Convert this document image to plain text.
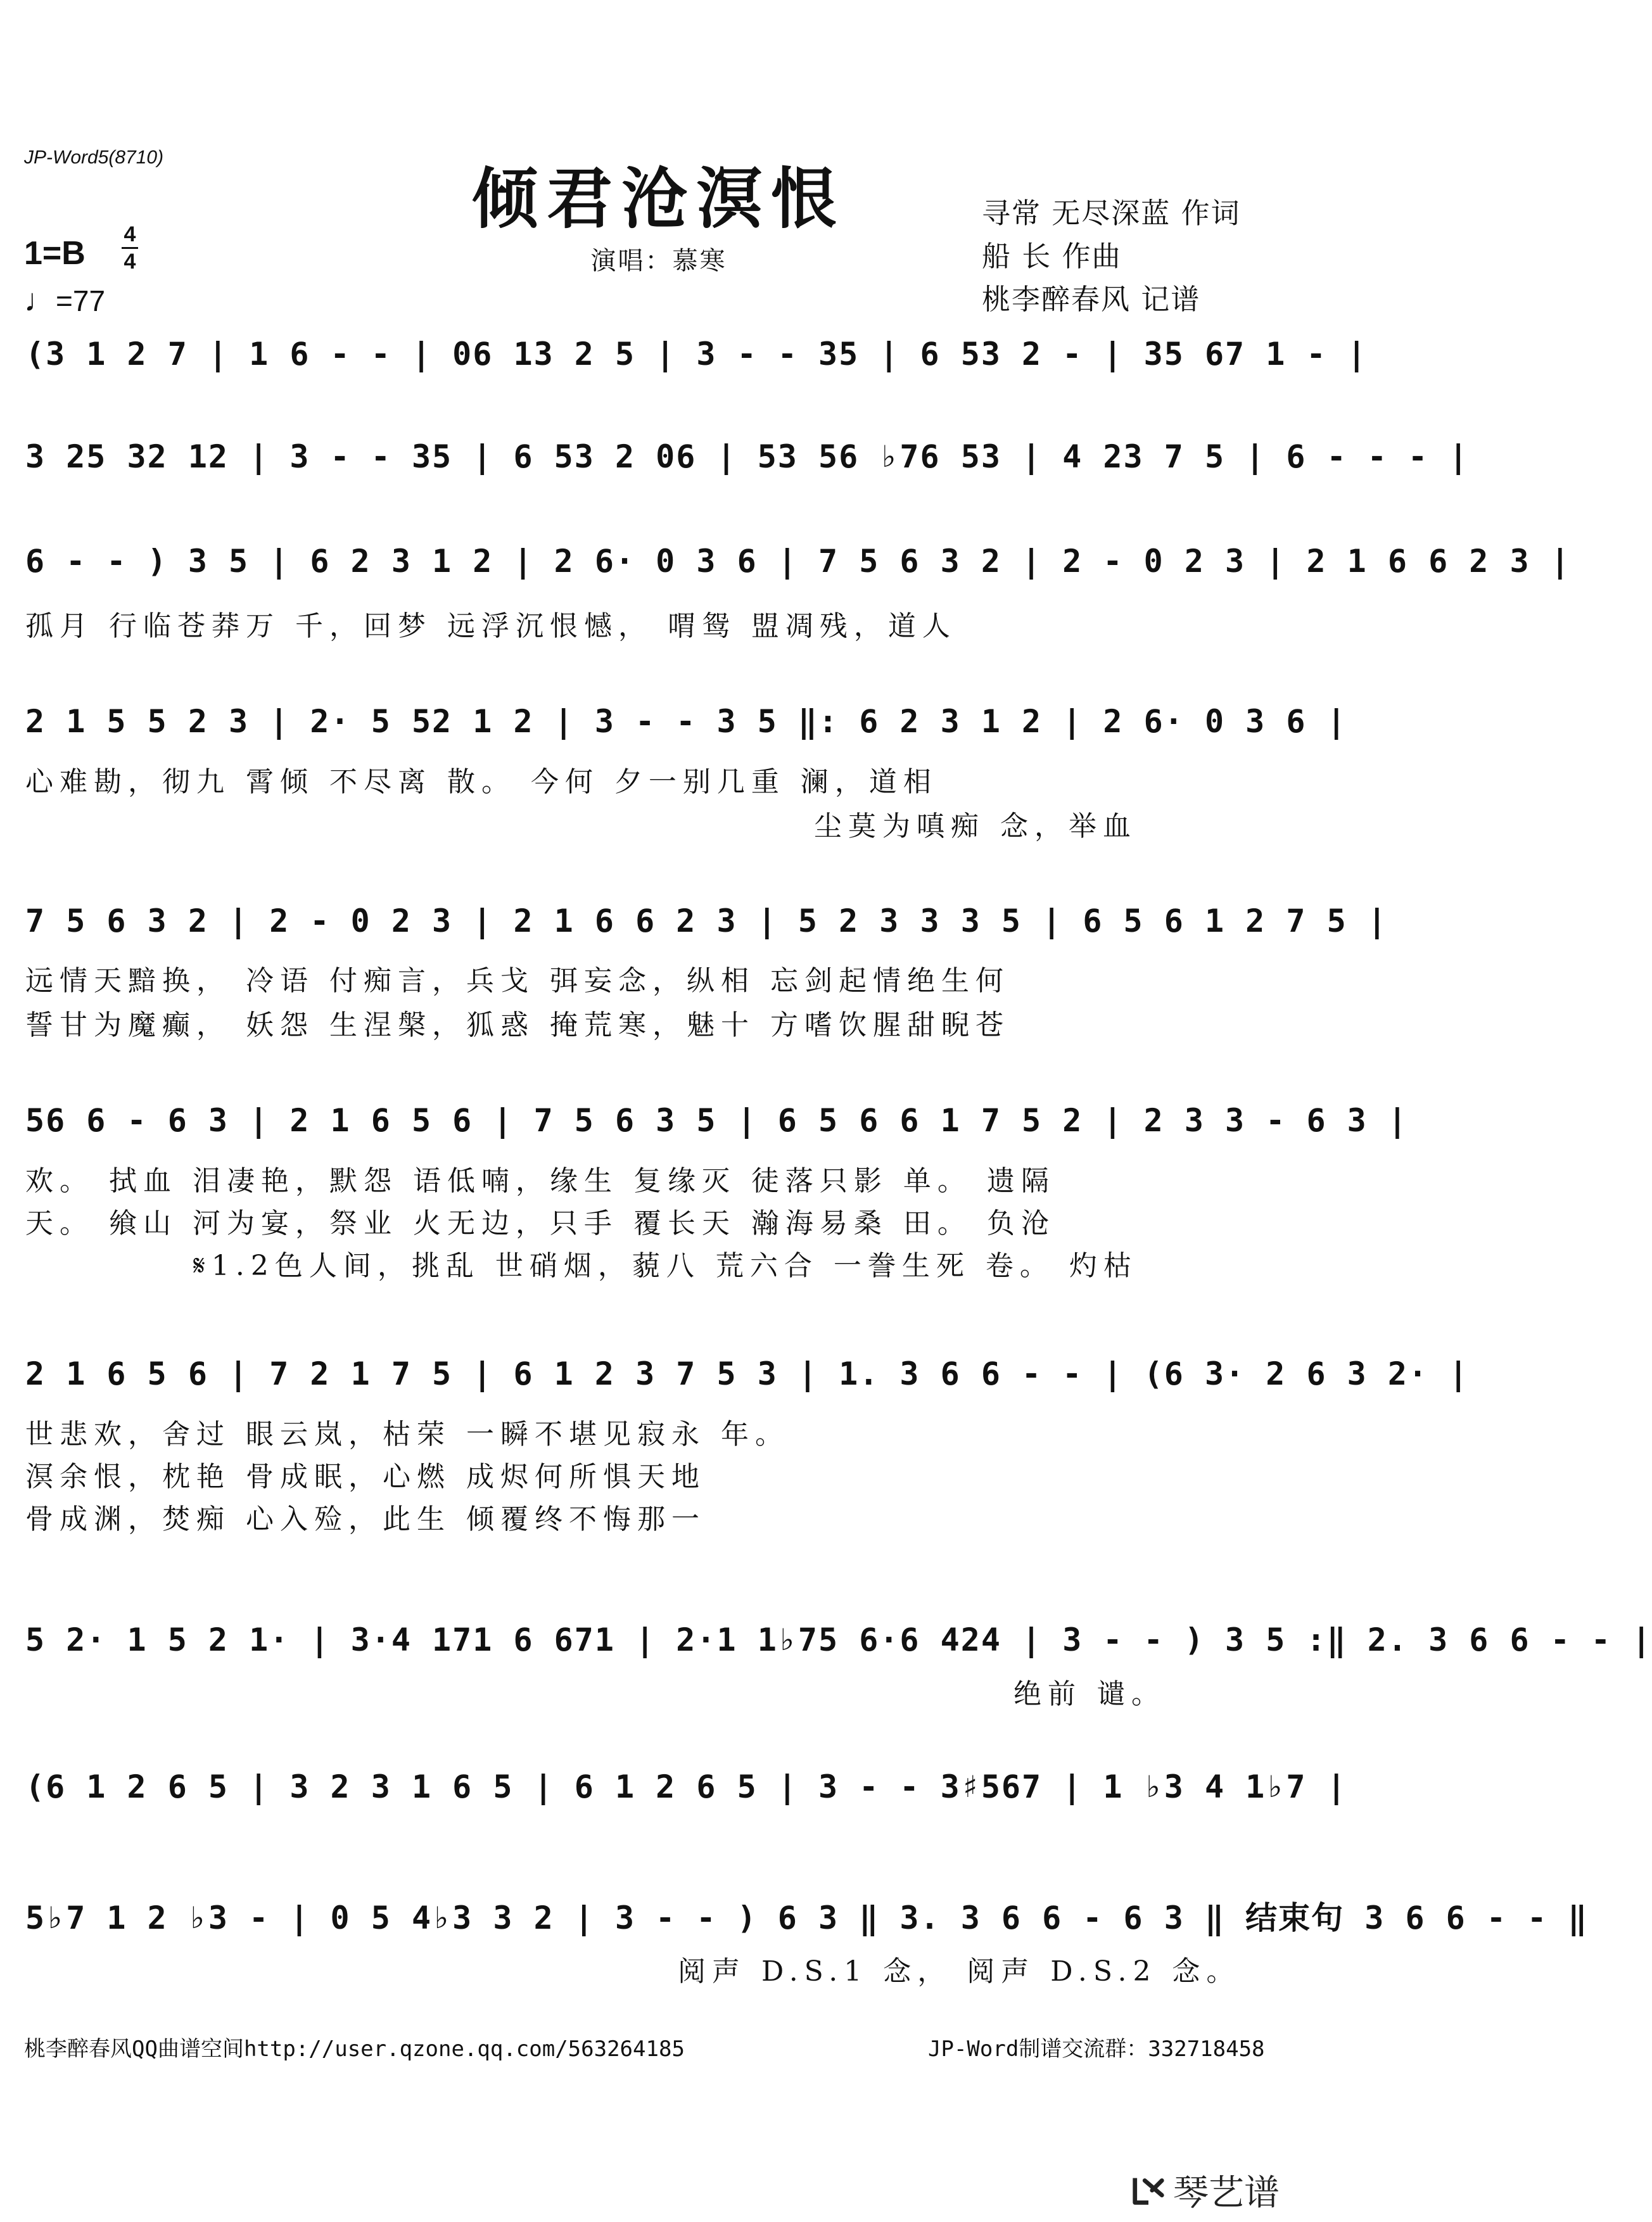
JP-Word5(8710)
倾君沧溟恨
演唱：慕寒
寻常 无尽深蓝 作词
船 长 作曲
桃李醉春风 记谱
1=B
4
4
♩=77
(3 1 2 7 | 1 6 - - | 06 13 2 5 | 3 - - 35 | 6 53 2 - | 35 67 1 - |
3 25 32 12 | 3 - - 35 | 6 53 2 06 | 53 56 ♭76 53 | 4 23 7 5 | 6 - - - |
6 - - ) 3 5 | 6 2 3 1 2 | 2 6· 0 3 6 | 7 5 6 3 2 | 2 - 0 2 3 | 2 1 6 6 2 3 |
孤月 行临苍莽万 千，回梦 远浮沉恨憾， 喟鸳 盟凋残，道人
2 1 5 5 2 3 | 2· 5 52 1 2 | 3 - - 3 5 ‖: 6 2 3 1 2 | 2 6· 0 3 6 |
心难勘，彻九 霄倾 不尽离 散。 今何 夕一别几重 澜，道相
尘莫为嗔痴 念，举血
7 5 6 3 2 | 2 - 0 2 3 | 2 1 6 6 2 3 | 5 2 3 3 3 5 | 6 5 6 1 2 7 5 |
远情天黯换， 冷语 付痴言，兵戈 弭妄念，纵相 忘剑起情绝生何
誓甘为魔癫， 妖怨 生涅槃，狐惑 掩荒寒，魅十 方嗜饮腥甜睨苍
56 6 - 6 3 | 2 1 6 5 6 | 7 5 6 3 5 | 6 5 6 6 1 7 5 2 | 2 3 3 - 6 3 |
欢。 拭血 泪凄艳，默怨 语低喃，缘生 复缘灭 徒落只影 单。 遗隔
天。 飨山 河为宴，祭业 火无边，只手 覆长天 瀚海易桑 田。 负沧
𝄋1.2色人间，挑乱 世硝烟，藐八 荒六合 一誊生死 卷。 灼枯
2 1 6 5 6 | 7 2 1 7 5 | 6 1 2 3 7 5 3 | 1. 3 6 6 - - | (6 3· 2 6 3 2· |
世悲欢，舍过 眼云岚，枯荣 一瞬不堪见寂永 年。
溟余恨，枕艳 骨成眠，心燃 成烬何所惧天地
骨成渊，焚痴 心入殓，此生 倾覆终不悔那一
5 2· 1 5 2 1· | 3·4 171 6 671 | 2·1 1♭75 6·6 424 | 3 - - ) 3 5 :‖ 2. 3 6 6 - - |
绝前 谴。
(6 1 2 6 5 | 3 2 3 1 6 5 | 6 1 2 6 5 | 3 - - 3♯567 | 1 ♭3 4 1♭7 |
5♭7 1 2 ♭3 - | 0 5 4♭3 3 2 | 3 - - ) 6 3 ‖ 3. 3 6 6 - 6 3 ‖ 结束句 3 6 6 - - ‖
阅声 D.S.1 念， 阅声 D.S.2 念。
桃李醉春风QQ曲谱空间http://user.qzone.qq.com/563264185	JP-Word制谱交流群：332718458
琴艺谱
